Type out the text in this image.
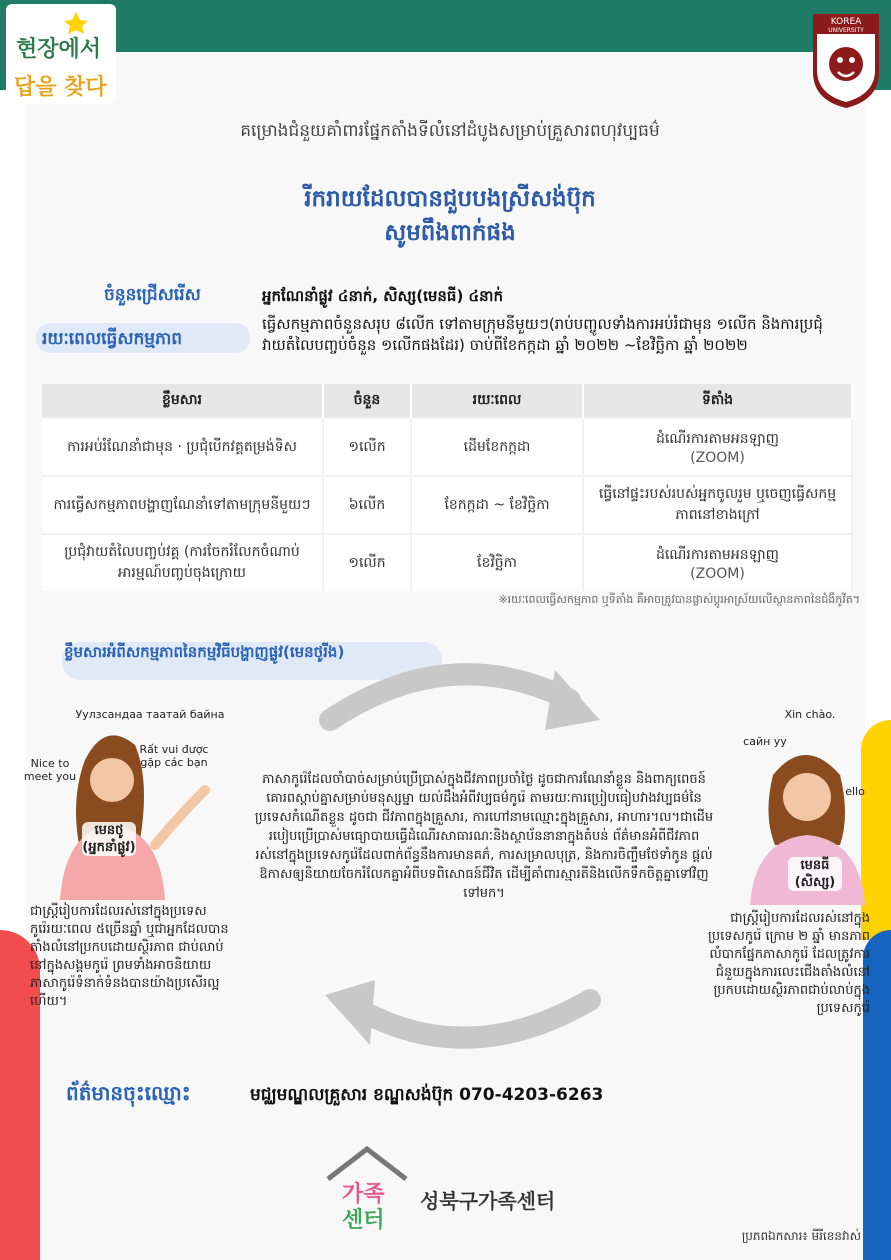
현장에서
답을 찾다
KOREA
UNIVERSITY
គម្រោងជំនួយគាំពារផ្នែកតាំងទីលំនៅដំបូងសម្រាប់គ្រួសារពហុវប្បធម៌
រីករាយដែលបានជួបបងស្រីសង់ប៊ុក
សូមពឹងពាក់ផង
ចំនួនជ្រើសរើស	អ្នកណែនាំផ្លូវ ៤នាក់, សិស្ស(មេនធី) ៤នាក់
រយៈពេលធ្វើសកម្មភាព
ធ្វើសកម្មភាពចំនួនសរុប ៨លើក ទៅតាមក្រុមនីមួយៗ(រាប់បញ្ចូលទាំងការអប់រំជាមុន ១លើក និងការប្រជុំវាយតំលៃបញ្ចប់ចំនួន ១លើកផងដែរ) ចាប់ពីខែកក្កដា ឆ្នាំ ២០២២ ~ខែវិច្ឆិកា ឆ្នាំ ២០២២
ខ្លឹមសារ	ចំនួន	រយៈពេល	ទីតាំង
ការអប់រំណែនាំជាមុន · ប្រជុំបើកវគ្គតម្រង់ទិស	១លើក	ដើមខែកក្កដា	ដំណើរការតាមអនឡាញ
(ZOOM)

ការធ្វើសកម្មភាពបង្ហាញណែនាំទៅតាមក្រុមនីមួយៗ	៦លើក	ខែកក្កដា ~ ខែវិច្ឆិកា	ធ្វើនៅផ្ទះរបស់របស់អ្នកចូលរួម ឬចេញធ្វើសកម្មភាពនៅខាងក្រៅ
ប្រជុំវាយតំលៃបញ្ចប់វគ្គ (ការចែករំលែកចំណាប់អារម្មណ៍បញ្ចប់ចុងក្រោយ	១លើក	ខែវិច្ឆិកា	ដំណើរការតាមអនឡាញ
(ZOOM)
※រយៈពេលធ្វើសកម្មភាព ឬទីតាំង គឺអាចត្រូវបានផ្លាស់ប្តូរអាស្រ័យលើស្ថានភាពនៃជំងឺកូវីត។
ខ្លឹមសារអំពីសកម្មភាពនៃកម្មវិធីបង្ហាញផ្លូវ(មេនថូរីង)
ភាសាកូរ៉េដែលចាំបាច់សម្រាប់ប្រើប្រាស់ក្នុងជីវភាពប្រចាំថ្ងៃ ដូចជាការណែនាំខ្លួន និងពាក្យពេចន៍គោរពស្តាប់គ្នាសម្រាប់មនុស្សម្នា យល់ដឹងអំពីវប្បធម៌កូរ៉េ តាមរយៈការប្រៀបធៀបវាងវប្បធម៌នៃប្រទេសកំណើតខ្លួន ដូចជា ជីវភាពក្នុងគ្រួសារ, ការហៅនាមឈ្មោះក្នុងគ្រួសារ, អាហារ។ល។ជាដើម របៀបប្រើប្រាស់មធ្យោបាយធ្វើដំណើរសាធារណៈនិងស្ថាប័ននានាក្នុងតំបន់ ព័ត៌មានអំពីជីវភាពរស់នៅក្នុងប្រទេសកូរ៉េដែលពាក់ព័ន្ធនឹងការមានគភ៌, ការសម្រាលបុត្រ, និងការចិញ្ចឹមថែទាំកូន ផ្តល់ឱកាសឲ្យនិយាយចែករំលែកគ្នាអំពីបទពិសោធន៍ជីវិត ដើម្បីគាំពារស្មារតីនិងលើកទឹកចិត្តគ្នាទៅវិញទៅមក។
Уулзсандаа таатай байна
Rất vui được gặp các bạn
Nice to meet you
មេនថូ (អ្នកនាំផ្លូវ)
ជាស្ត្រីរៀបការដែលរស់នៅក្នុងប្រទេសកូរ៉េរយៈពេល ៥ច្រើនឆ្នាំ ឬជាអ្នកដែលបានតាំងលំនៅប្រកបដោយស្ថិរភាព ជាប់លាប់នៅក្នុងសង្គមកូរ៉េ ព្រមទាំងអាចនិយាយភាសាកូរ៉េទំនាក់ទំនងបានយ៉ាងប្រសើរល្អហើយ។
Xin chào.
сайн уу
ello
មេនធី (សិស្ស)
ជាស្ត្រីរៀបការដែលរស់នៅក្នុងប្រទេសកូរ៉េ ក្រោម ២ ឆ្នាំ មានភាពលំបាកផ្នែកភាសាកូរ៉េ ដែលត្រូវការជំនួយក្នុងការលេះជើងតាំងលំនៅប្រកបដោយស្ថិរភាពជាប់លាប់ក្នុងប្រទេសកូរ៉េ
ព័ត៌មានចុះឈ្មោះ	មជ្ឈមណ្ឌលគ្រួសារ ខណ្ឌសង់ប៊ុក 070-4203-6263
가족
센터
성북구가족센터
ប្រភពឯកសារ៖ មីរីខេនវាស់
